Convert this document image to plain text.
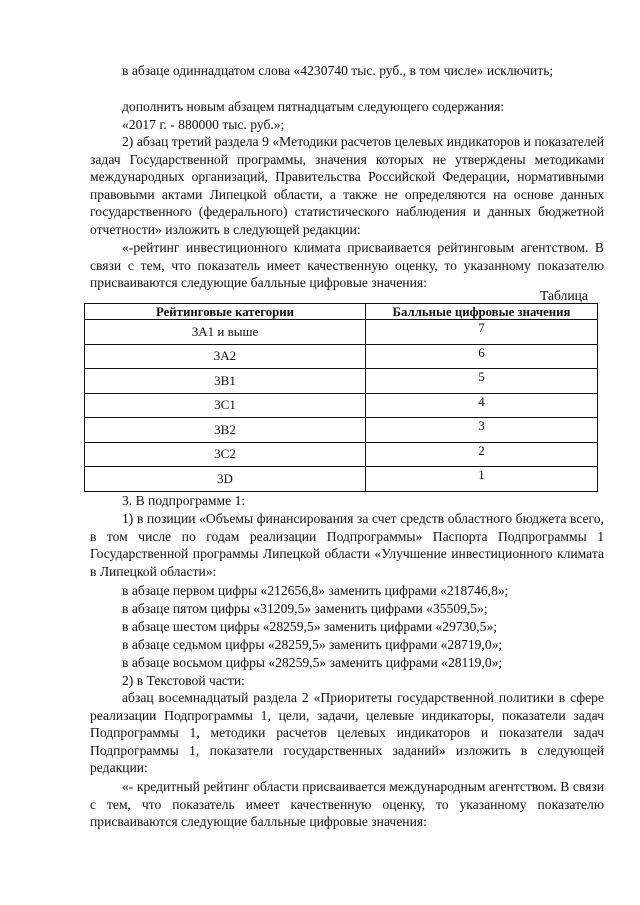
в абзаце одиннадцатом слова «4230740 тыс. руб., в том числе» исключить;

дополнить новым абзацем пятнадцатым следующего содержания:

«2017 г. - 880000 тыс. руб.»;

2) абзац третий раздела 9 «Методики расчетов целевых индикаторов и показателей задач Государственной программы, значения которых не утверждены методиками международных организаций, Правительства Российской Федерации, нормативными правовыми актами Липецкой области, а также не определяются на основе данных государственного (федерального) статистического наблюдения и данных бюджетной отчетности» изложить в следующей редакции:

«-рейтинг инвестиционного климата присваивается рейтинговым агентством. В связи с тем, что показатель имеет качественную оценку, то указанному показателю присваиваются следующие балльные цифровые значения:

Таблица

Рейтинговые категории	Балльные цифровые значения
3A1 и выше	7
3A2	6
3B1	5
3C1	4
3B2	3
3C2	2
3D	1

3. В подпрограмме 1:

1) в позиции «Объемы финансирования за счет средств областного бюджета всего, в том числе по годам реализации Подпрограммы» Паспорта Подпрограммы 1 Государственной программы Липецкой области «Улучшение инвестиционного климата в Липецкой области»:

в абзаце первом цифры «212656,8» заменить цифрами «218746,8»;

в абзаце пятом цифры «31209,5» заменить цифрами «35509,5»;

в абзаце шестом цифры «28259,5» заменить цифрами «29730,5»;

в абзаце седьмом цифры «28259,5» заменить цифрами «28719,0»;

в абзаце восьмом цифры «28259,5» заменить цифрами «28119,0»;

2) в Текстовой части:

абзац восемнадцатый раздела 2 «Приоритеты государственной политики в сфере реализации Подпрограммы 1, цели, задачи, целевые индикаторы, показатели задач Подпрограммы 1, методики расчетов целевых индикаторов и показатели задач Подпрограммы 1, показатели государственных заданий» изложить в следующей редакции:

«- кредитный рейтинг области присваивается международным агентством. В связи с тем, что показатель имеет качественную оценку, то указанному показателю присваиваются следующие балльные цифровые значения:
